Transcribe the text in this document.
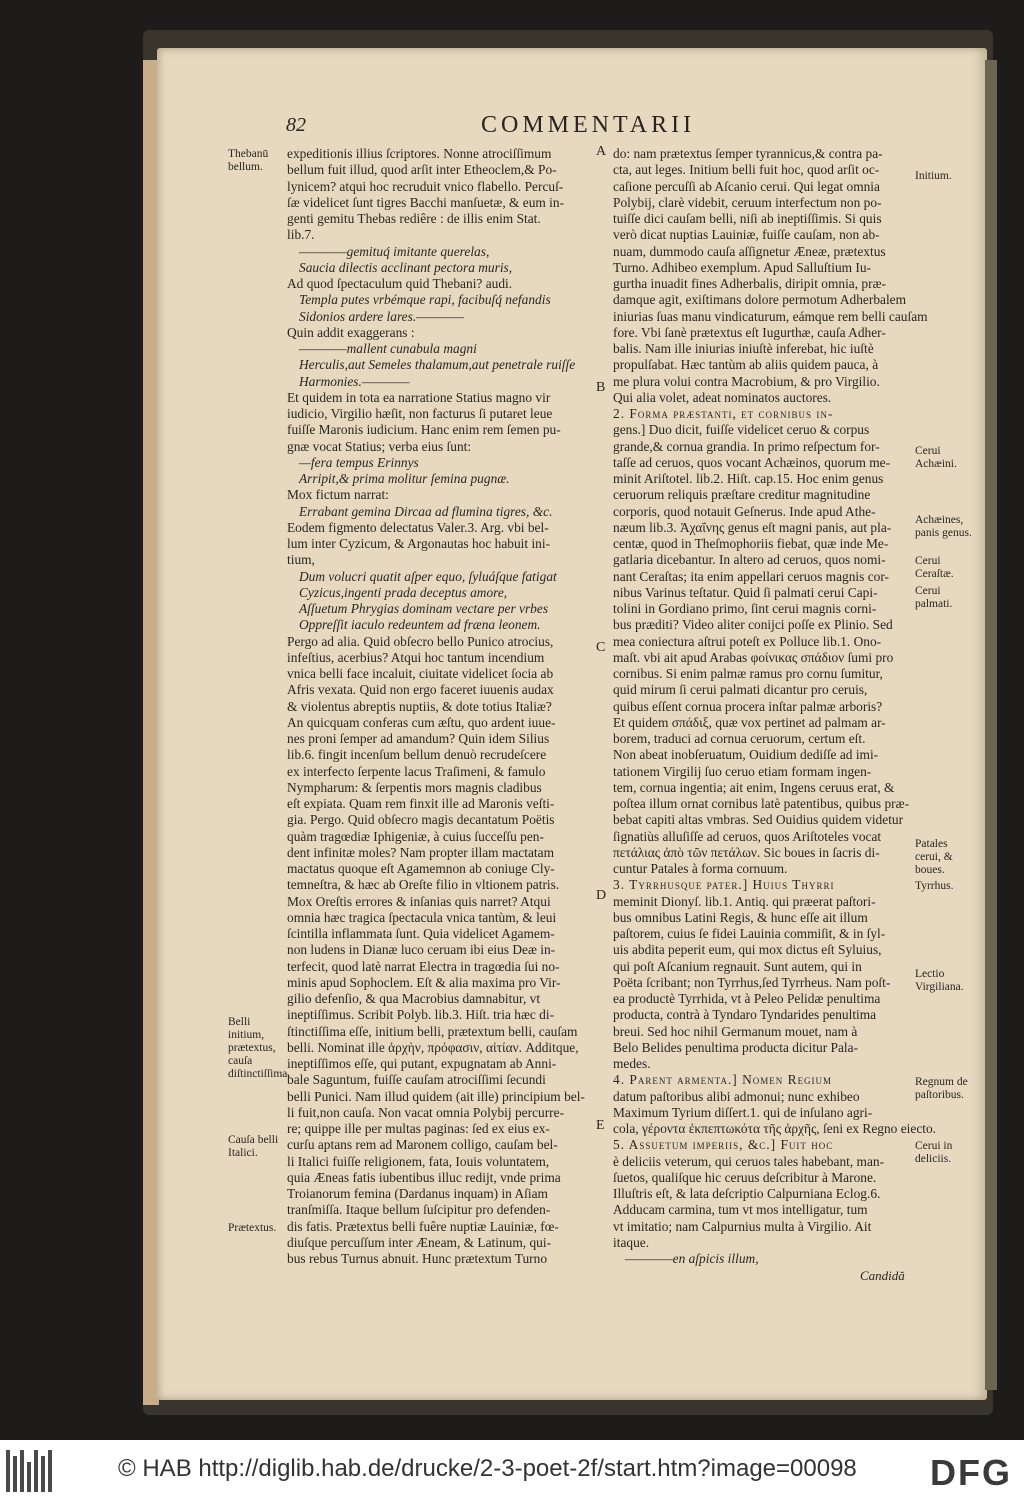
82	COMMENTARII
expeditionis illius ſcriptores. Nonne atrociſſimum
bellum fuit illud, quod arſit inter Etheoclem,& Po-
lynicem? atqui hoc recruduit vnico flabello. Percuſ-
ſæ videlicet ſunt tigres Bacchi manſuetæ, & eum in-
genti gemitu Thebas rediêre : de illis enim Stat.
lib.7.
————gemituq́ imitante querelas,
Saucia dilectis acclinant pectora muris,
Ad quod ſpectaculum quid Thebani? audi.
Templa putes vrbémque rapi, facibuſq́ nefandis
Sidonios ardere lares.————
Quin addit exaggerans :
————mallent cunabula magni
Herculis,aut Semeles thalamum,aut penetrale ruiſſe
Harmonies.————
Et quidem in tota ea narratione Statius magno vir
iudicio, Virgilio hæſit, non facturus ſi putaret leue
fuiſſe Maronis iudicium. Hanc enim rem ſemen pu-
gnæ vocat Statius; verba eius ſunt:
—fera tempus Erinnys
Arripit,& prima molitur ſemina pugnæ.
Mox fictum narrat:
Errabant gemina Dircaa ad flumina tigres, &c.
Eodem figmento delectatus Valer.3. Arg. vbi bel-
lum inter Cyzicum, & Argonautas hoc habuit ini-
tium,
Dum volucri quatit aſper equo, ſyluáſque fatigat
Cyzicus,ingenti prada deceptus amore,
Aſſuetum Phrygias dominam vectare per vrbes
Oppreſſit iaculo redeuntem ad fræna leonem.
Pergo ad alia. Quid obſecro bello Punico atrocius,
infeſtius, acerbius? Atqui hoc tantum incendium
vnica belli face incaluit, ciuitate videlicet ſocia ab
Afris vexata. Quid non ergo faceret iuuenis audax
& violentus abreptis nuptiis, & dote totius Italiæ?
An quicquam conferas cum æſtu, quo ardent iuue-
nes proni ſemper ad amandum? Quin idem Silius
lib.6. fingit incenſum bellum denuò recrudeſcere
ex interfecto ſerpente lacus Traſimeni, & famulo
Nympharum: & ſerpentis mors magnis cladibus
eſt expiata. Quam rem finxit ille ad Maronis veſti-
gia. Pergo. Quid obſecro magis decantatum Poëtis
quàm tragœdiæ Iphigeniæ, à cuius ſucceſſu pen-
dent infinitæ moles? Nam propter illam mactatam
mactatus quoque eſt Agamemnon ab coniuge Cly-
temneſtra, & hæc ab Oreſte filio in vltionem patris.
Mox Oreſtis errores & inſanias quis narret? Atqui
omnia hæc tragica ſpectacula vnica tantùm, & leui
ſcintilla inflammata ſunt. Quia videlicet Agamem-
non ludens in Dianæ luco ceruam ibi eius Deæ in-
terfecit, quod latè narrat Electra in tragœdia ſui no-
minis apud Sophoclem. Eſt & alia maxima pro Vir-
gilio defenſio, & qua Macrobius damnabitur, vt
ineptiſſimus. Scribit Polyb. lib.3. Hiſt. tria hæc di-
ſtinctiſſima eſſe, initium belli, prætextum belli, cauſam
belli. Nominat ille ἀρχὴν, πρόφασιν, αἰτίαν. Additque,
ineptiſſimos eſſe, qui putant, expugnatam ab Anni-
bale Saguntum, fuiſſe cauſam atrociſſimi ſecundi
belli Punici. Nam illud quidem (ait ille) principium bel-
li fuit,non cauſa. Non vacat omnia Polybij percurre-
re; quippe ille per multas paginas: ſed ex eius ex-
curſu aptans rem ad Maronem colligo, cauſam bel-
li Italici fuiſſe religionem, fata, Iouis voluntatem,
quia Æneas fatis iubentibus illuc redijt, vnde prima
Troianorum femina (Dardanus inquam) in Aſiam
tranſmiſſa. Itaque bellum ſuſcipitur pro defenden-
dis fatis. Prætextus belli fuêre nuptiæ Lauiniæ, fœ-
diuſque percuſſum inter Æneam, & Latinum, qui-
bus rebus Turnus abnuit. Hunc prætextum Turno
do: nam prætextus ſemper tyrannicus,& contra pa-
cta, aut leges. Initium belli fuit hoc, quod arſit oc-
caſione percuſſi ab Aſcanio cerui. Qui legat omnia
Polybij, clarè videbit, ceruum interfectum non po-
tuiſſe dici cauſam belli, niſi ab ineptiſſimis. Si quis
verò dicat nuptias Lauiniæ, fuiſſe cauſam, non ab-
nuam, dummodo cauſa aſſignetur Æneæ, prætextus
Turno. Adhibeo exemplum. Apud Salluſtium Iu-
gurtha inuadit fines Adherbalis, diripit omnia, præ-
damque agit, exiſtimans dolore permotum Adherbalem
iniurias ſuas manu vindicaturum, eámque rem belli cauſam
fore. Vbi ſanè prætextus eſt Iugurthæ, cauſa Adher-
balis. Nam ille iniurias iniuſtè inferebat, hic iuſtè
propulſabat. Hæc tantùm ab aliis quidem pauca, à
me plura volui contra Macrobium, & pro Virgilio.
Qui alia volet, adeat nominatos auctores.
2. Forma præstanti, et cornibus in-
gens.] Duo dicit, fuiſſe videlicet ceruo & corpus
grande,& cornua grandia. In primo reſpectum for-
taſſe ad ceruos, quos vocant Achæinos, quorum me-
minit Ariſtotel. lib.2. Hiſt. cap.15. Hoc enim genus
ceruorum reliquis præſtare creditur magnitudine
corporis, quod notauit Geſnerus. Inde apud Athe-
næum lib.3. Ἀχαΐνης genus eſt magni panis, aut pla-
centæ, quod in Theſmophoriis fiebat, quæ inde Me-
gatlaria dicebantur. In altero ad ceruos, quos nomi-
nant Ceraſtas; ita enim appellari ceruos magnis cor-
nibus Varinus teſtatur. Quid ſi palmati cerui Capi-
tolini in Gordiano primo, ſint cerui magnis corni-
bus præditi? Video aliter conijci poſſe ex Plinio. Sed
mea coniectura aſtrui poteſt ex Polluce lib.1. Ono-
maſt. vbi ait apud Arabas φοίνικας σπάδιον ſumi pro
cornibus. Si enim palmæ ramus pro cornu ſumitur,
quid mirum ſi cerui palmati dicantur pro ceruis,
quibus eſſent cornua procera inſtar palmæ arboris?
Et quidem σπάδιξ, quæ vox pertinet ad palmam ar-
borem, traduci ad cornua ceruorum, certum eſt.
Non abeat inobſeruatum, Ouidium dediſſe ad imi-
tationem Virgilij ſuo ceruo etiam formam ingen-
tem, cornua ingentia; ait enim, Ingens ceruus erat, &
poſtea illum ornat cornibus latè patentibus, quibus præ-
bebat capiti altas vmbras. Sed Ouidius quidem videtur
ſignatiùs alluſiſſe ad ceruos, quos Ariſtoteles vocat
πετάλιας ἀπὸ τῶν πετάλων. Sic boues in ſacris di-
cuntur Patales à forma cornuum.
3. Tyrrhusque pater.] Huius Thyrri
meminit Dionyſ. lib.1. Antiq. qui præerat paſtori-
bus omnibus Latini Regis, & hunc eſſe ait illum
paſtorem, cuius ſe fidei Lauinia commiſit, & in ſyl-
uis abdita peperit eum, qui mox dictus eſt Syluius,
qui poſt Aſcanium regnauit. Sunt autem, qui in
Poëta ſcribant; non Tyrrhus,ſed Tyrrheus. Nam poſt-
ea productè Tyrrhida, vt à Peleo Pelidæ penultima
producta, contrà à Tyndaro Tyndarides penultima
breui. Sed hoc nihil Germanum mouet, nam à
Belo Belides penultima producta dicitur Pala-
medes.
4. Parent armenta.] Nomen Regium
datum paſtoribus alibi admonui; nunc exhibeo
Maximum Tyrium diſſert.1. qui de inſulano agri-
cola, γέροντα ἐκπεπτωκότα τῆς ἀρχῆς, ſeni ex Regno eiecto.
5. Assuetum imperiis, &c.] Fuit hoc
è deliciis veterum, qui ceruos tales habebant, man-
ſuetos, qualiſque hic ceruus deſcribitur à Marone.
Illuſtris eſt, & lata deſcriptio Calpurniana Eclog.6.
Adducam carmina, tum vt mos intelligatur, tum
vt imitatio; nam Calpurnius multa à Virgilio. Ait
itaque.
————en aſpicis illum,
Thebanū bellum.
Belli initium, prætextus, cauſa diſtinctiſſima.
Cauſa belli Italici.
Prætextus.
Initium.
Cerui Achæini.
Achæines, panis genus.
Cerui Ceraſtæ.
Cerui palmati.
Patales cerui, & boues.
Tyrrhus.
Lectio Virgiliana.
Regnum de paſtoribus.
Cerui in deliciis.
A
B
C
D
E
Candidă
© HAB http://diglib.hab.de/drucke/2-3-poet-2f/start.htm?image=00098 DFG
